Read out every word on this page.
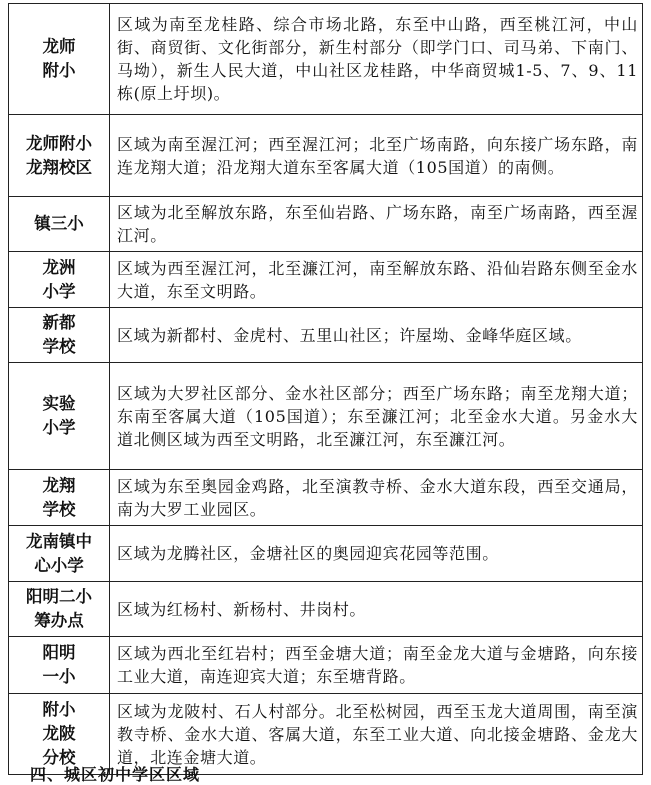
龙师
附小	区域为南至龙桂路、综合市场北路，东至中山路，西至桃江河，中山街、商贸街、文化街部分，新生村部分（即学门口、司马弟、下南门、马坳），新生人民大道，中山社区龙桂路，中华商贸城1-5、7、9、11栋(原上圩坝)。

龙师附小
龙翔校区	区域为南至渥江河；西至渥江河；北至广场南路，向东接广场东路，南连龙翔大道；沿龙翔大道东至客属大道（105国道）的南侧。

镇三小	区域为北至解放东路，东至仙岩路、广场东路，南至广场南路，西至渥江河。

龙洲
小学	区域为西至渥江河，北至濂江河，南至解放东路、沿仙岩路东侧至金水大道，东至文明路。

新都
学校	区域为新都村、金虎村、五里山社区；许屋坳、金峰华庭区域。

实验
小学	区域为大罗社区部分、金水社区部分；西至广场东路；南至龙翔大道；东南至客属大道（105国道）；东至濂江河；北至金水大道。另金水大道北侧区域为西至文明路，北至濂江河，东至濂江河。

龙翔
学校	区域为东至奥园金鸡路，北至演教寺桥、金水大道东段，西至交通局，南为大罗工业园区。

龙南镇中
心小学	区域为龙腾社区，金塘社区的奥园迎宾花园等范围。

阳明二小
筹办点	区域为红杨村、新杨村、井岗村。

阳明
一小	区域为西北至红岩村；西至金塘大道；南至金龙大道与金塘路，向东接工业大道，南连迎宾大道；东至塘背路。

附小
龙陂
分校	区域为龙陂村、石人村部分。北至松树园，西至玉龙大道周围，南至演教寺桥、金水大道、客属大道，东至工业大道、向北接金塘路、金龙大道，北连金塘大道。
四、城区初中学区区域
